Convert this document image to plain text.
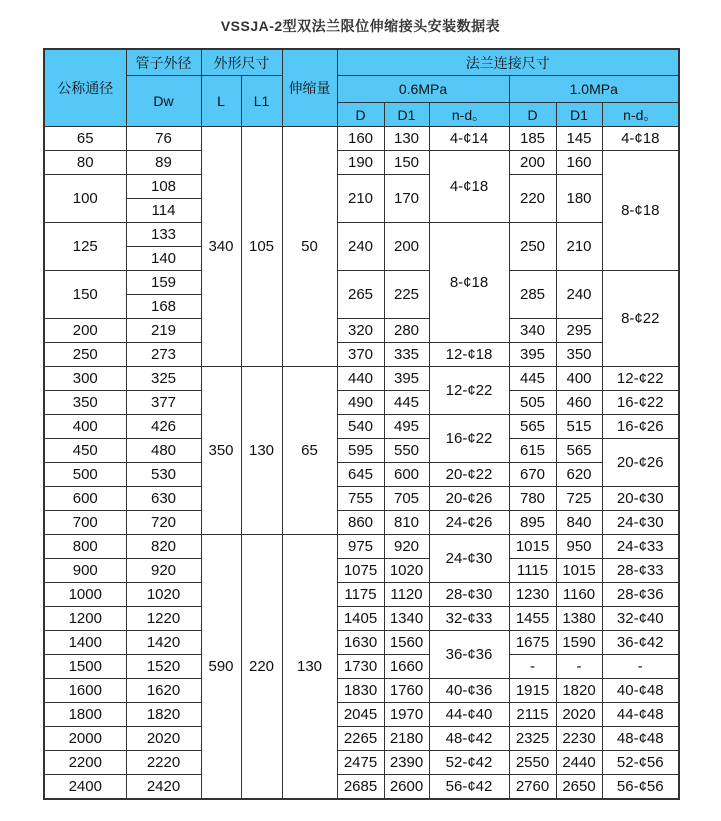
VSSJA-2型双法兰限位伸缩接头安装数据表
公称通径	管子外径	外形尺寸		伸缩量	法兰连接尺寸					
	Dw	L	L1		0.6MPa			1.0MPa		
					D	D1	n-d。	D	D1	n-d。
65	76	340	105	50	160	130	4-¢14	185	145	4-¢18
80	89				190	150	4-¢18	200	160	8-¢18
100	108				210	170		220	180	
	114									
125	133				240	200	8-¢18	250	210	
	140									
150	159				265	225		285	240	8-¢22
	168									
200	219				320	280		340	295	
250	273				370	335	12-¢18	395	350	
300	325	350	130	65	440	395	12-¢22	445	400	12-¢22
350	377				490	445		505	460	16-¢22
400	426				540	495	16-¢22	565	515	16-¢26
450	480				595	550		615	565	20-¢26
500	530				645	600	20-¢22	670	620	
600	630				755	705	20-¢26	780	725	20-¢30
700	720				860	810	24-¢26	895	840	24-¢30
800	820	590	220	130	975	920	24-¢30	1015	950	24-¢33
900	920				1075	1020		1115	1015	28-¢33
1000	1020				1175	1120	28-¢30	1230	1160	28-¢36
1200	1220				1405	1340	32-¢33	1455	1380	32-¢40
1400	1420				1630	1560	36-¢36	1675	1590	36-¢42
1500	1520				1730	1660		-	-	-
1600	1620				1830	1760	40-¢36	1915	1820	40-¢48
1800	1820				2045	1970	44-¢40	2115	2020	44-¢48
2000	2020				2265	2180	48-¢42	2325	2230	48-¢48
2200	2220				2475	2390	52-¢42	2550	2440	52-¢56
2400	2420				2685	2600	56-¢42	2760	2650	56-¢56
